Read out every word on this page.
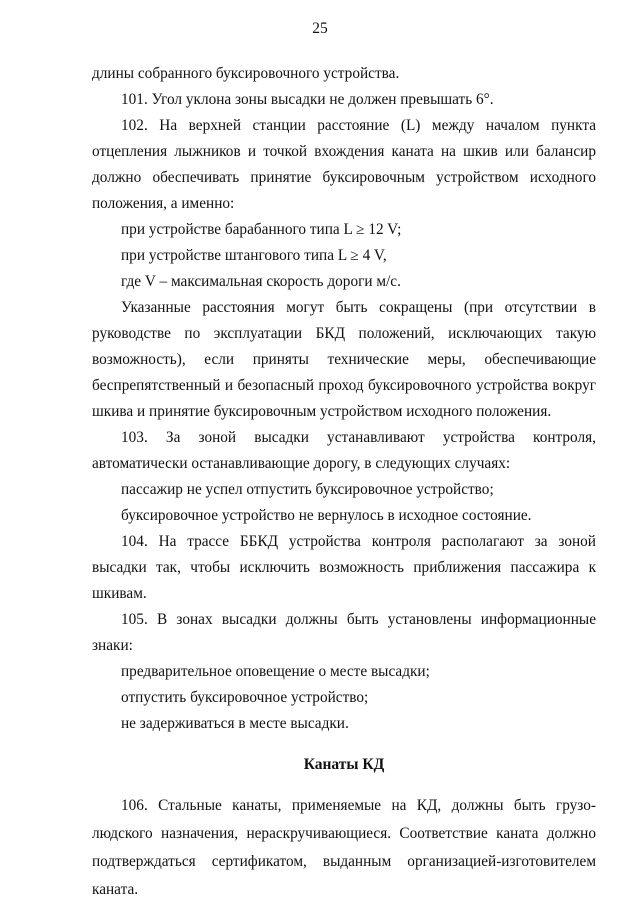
25

длины собранного буксировочного устройства.

101. Угол уклона зоны высадки не должен превышать 6°.

102. На верхней станции расстояние (L) между началом пункта отцепления лыжников и точкой вхождения каната на шкив или балансир должно обеспечивать принятие буксировочным устройством исходного положения, а именно:

при устройстве барабанного типа L ≥ 12 V;

при устройстве штангового типа L ≥ 4 V,

где V – максимальная скорость дороги м/с.

Указанные расстояния могут быть сокращены (при отсутствии в руководстве по эксплуатации БКД положений, исключающих такую возможность), если приняты технические меры, обеспечивающие беспрепятственный и безопасный проход буксировочного устройства вокруг шкива и принятие буксировочным устройством исходного положения.

103. За зоной высадки устанавливают устройства контроля, автоматически останавливающие дорогу, в следующих случаях:

пассажир не успел отпустить буксировочное устройство;

буксировочное устройство не вернулось в исходное состояние.

104. На трассе ББКД устройства контроля располагают за зоной высадки так, чтобы исключить возможность приближения пассажира к шкивам.

105. В зонах высадки должны быть установлены информационные знаки:

предварительное оповещение о месте высадки;

отпустить буксировочное устройство;

не задерживаться в месте высадки.

Канаты КД

106. Стальные канаты, применяемые на КД, должны быть грузо-людского назначения, нераскручивающиеся. Соответствие каната должно подтверждаться сертификатом, выданным организацией-изготовителем каната.
